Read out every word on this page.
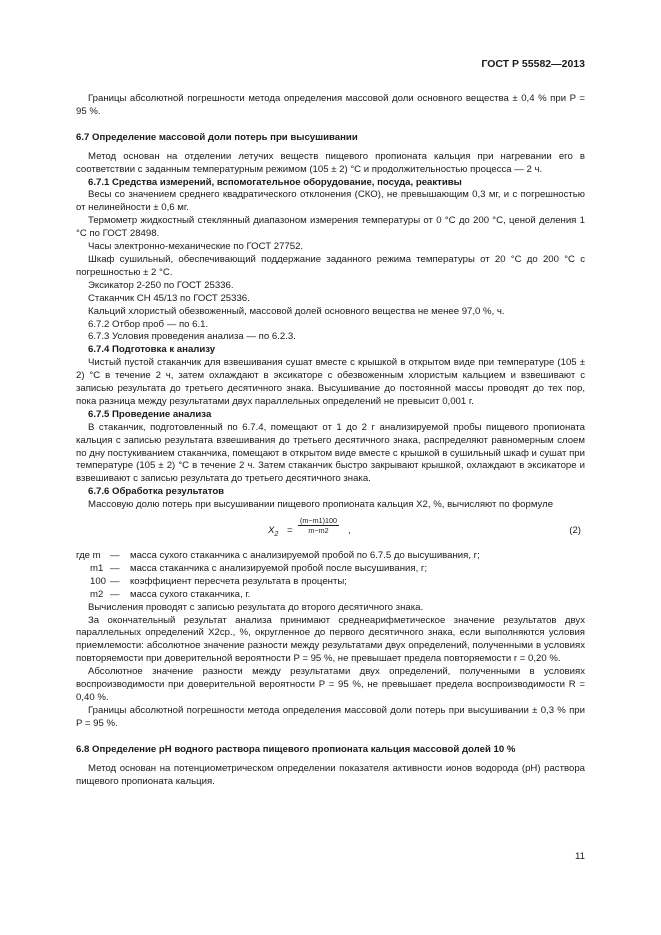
ГОСТ Р 55582—2013

Границы абсолютной погрешности метода определения массовой доли основного вещества ± 0,4 % при P = 95 %.

6.7 Определение массовой доли потерь при высушивании

Метод основан на отделении летучих веществ пищевого пропионата кальция при нагревании его в соответствии с заданным температурным режимом (105 ± 2) °С и продолжительностью процесса — 2 ч.

6.7.1 Средства измерений, вспомогательное оборудование, посуда, реактивы

Весы со значением среднего квадратического отклонения (СКО), не превышающим 0,3 мг, и с погрешностью от нелинейности ± 0,6 мг.

Термометр жидкостный стеклянный диапазоном измерения температуры от 0 °С до 200 °С, ценой деления 1 °С по ГОСТ 28498.

Часы электронно-механические по ГОСТ 27752.

Шкаф сушильный, обеспечивающий поддержание заданного режима температуры от 20 °С до 200 °С с погрешностью ± 2 °С.

Эксикатор 2-250 по ГОСТ 25336.

Стаканчик СН 45/13 по ГОСТ 25336.

Кальций хлористый обезвоженный, массовой долей основного вещества не менее 97,0 %, ч.

6.7.2 Отбор проб — по 6.1.

6.7.3 Условия проведения анализа — по 6.2.3.

6.7.4 Подготовка к анализу

Чистый пустой стаканчик для взвешивания сушат вместе с крышкой в открытом виде при температуре (105 ± 2) °С в течение 2 ч, затем охлаждают в эксикаторе с обезвоженным хлористым кальцием и взвешивают с записью результата до третьего десятичного знака. Высушивание до постоянной массы проводят до тех пор, пока разница между результатами двух параллельных определений не превысит 0,001 г.

6.7.5 Проведение анализа

В стаканчик, подготовленный по 6.7.4, помещают от 1 до 2 г анализируемой пробы пищевого пропионата кальция с записью результата взвешивания до третьего десятичного знака, распределяют равномерным слоем по дну постукиванием стаканчика, помещают в открытом виде вместе с крышкой в сушильный шкаф и сушат при температуре (105 ± 2) °С в течение 2 ч. Затем стаканчик быстро закрывают крышкой, охлаждают в эксикаторе и взвешивают с записью результата до третьего десятичного знака.

6.7.6 Обработка результатов

Массовую долю потерь при высушивании пищевого пропионата кальция X2, %, вычисляют по формуле

$X_2 = \frac{(m-m1)100}{m-m2}$ ,	(2)
где m — масса сухого стаканчика с анализируемой пробой по 6.7.5 до высушивания, г;
m1 — масса стаканчика с анализируемой пробой после высушивания, г;
100 — коэффициент пересчета результата в проценты;
m2 — масса сухого стаканчика, г.

Вычисления проводят с записью результата до второго десятичного знака.

За окончательный результат анализа принимают среднеарифметическое значение результатов двух параллельных определений X2ср., %, округленное до первого десятичного знака, если выполняются условия приемлемости: абсолютное значение разности между результатами двух определений, полученными в условиях повторяемости при доверительной вероятности P = 95 %, не превышает предела повторяемости r = 0,20 %.

Абсолютное значение разности между результатами двух определений, полученными в условиях воспроизводимости при доверительной вероятности P = 95 %, не превышает предела воспроизводимости R = 0,40 %.

Границы абсолютной погрешности метода определения массовой доли потерь при высушивании ± 0,3 % при P = 95 %.

6.8 Определение pH водного раствора пищевого пропионата кальция массовой долей 10 %

Метод основан на потенциометрическом определении показателя активности ионов водорода (pH) раствора пищевого пропионата кальция.

11
